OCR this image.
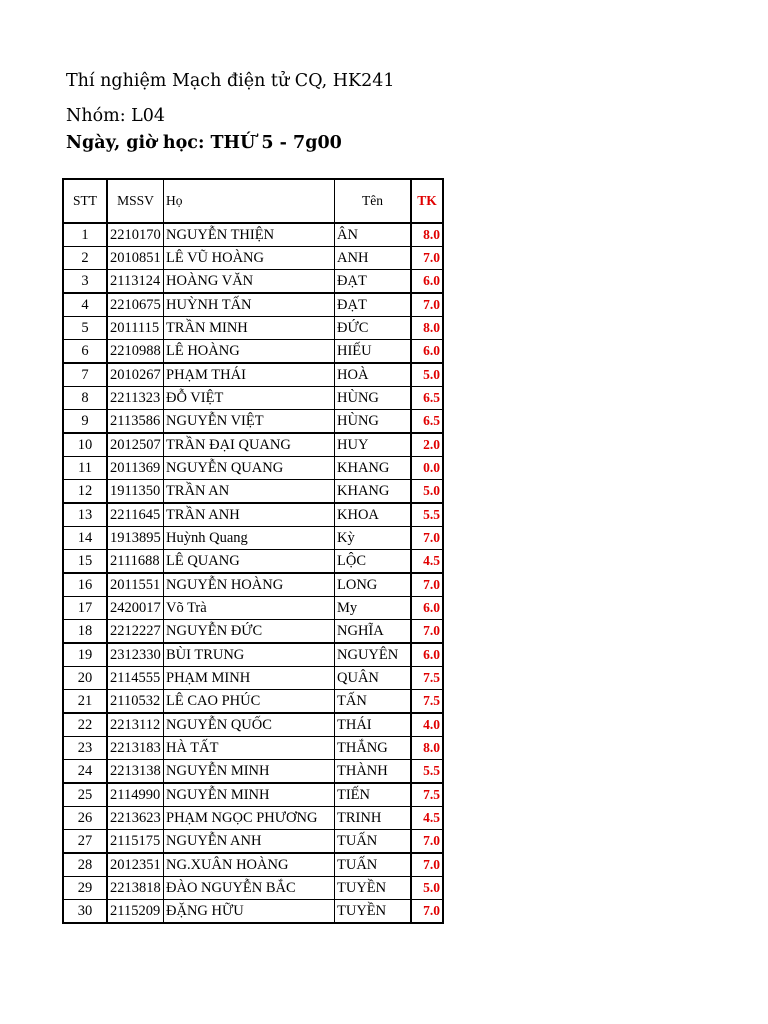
Thí nghiệm Mạch điện tử CQ, HK241
Nhóm: L04
Ngày, giờ học: THỨ 5 - 7g00
STT	MSSV	Họ	Tên	TK
1	2210170	NGUYỄN THIỆN	ÂN	8.0
2	2010851	LÊ VŨ HOÀNG	ANH	7.0
3	2113124	HOÀNG VĂN	ĐẠT	6.0
4	2210675	HUỲNH TẤN	ĐẠT	7.0
5	2011115	TRẦN MINH	ĐỨC	8.0
6	2210988	LÊ HOÀNG	HIẾU	6.0
7	2010267	PHẠM THÁI	HOÀ	5.0
8	2211323	ĐỖ VIỆT	HÙNG	6.5
9	2113586	NGUYỄN VIỆT	HÙNG	6.5
10	2012507	TRẦN ĐẠI QUANG	HUY	2.0
11	2011369	NGUYỄN QUANG	KHANG	0.0
12	1911350	TRẦN AN	KHANG	5.0
13	2211645	TRẦN ANH	KHOA	5.5
14	1913895	Huỳnh Quang	Kỳ	7.0
15	2111688	LÊ QUANG	LỘC	4.5
16	2011551	NGUYỄN HOÀNG	LONG	7.0
17	2420017	Võ Trà	My	6.0
18	2212227	NGUYỄN ĐỨC	NGHĨA	7.0
19	2312330	BÙI TRUNG	NGUYÊN	6.0
20	2114555	PHẠM MINH	QUÂN	7.5
21	2110532	LÊ CAO PHÚC	TẤN	7.5
22	2213112	NGUYỄN QUỐC	THÁI	4.0
23	2213183	HÀ TẤT	THẮNG	8.0
24	2213138	NGUYỄN MINH	THÀNH	5.5
25	2114990	NGUYỄN MINH	TIẾN	7.5
26	2213623	PHẠM NGỌC PHƯƠNG	TRINH	4.5
27	2115175	NGUYỄN ANH	TUẤN	7.0
28	2012351	NG.XUÂN HOÀNG	TUẤN	7.0
29	2213818	ĐÀO NGUYỄN BẮC	TUYỀN	5.0
30	2115209	ĐẶNG HỮU	TUYỀN	7.0
